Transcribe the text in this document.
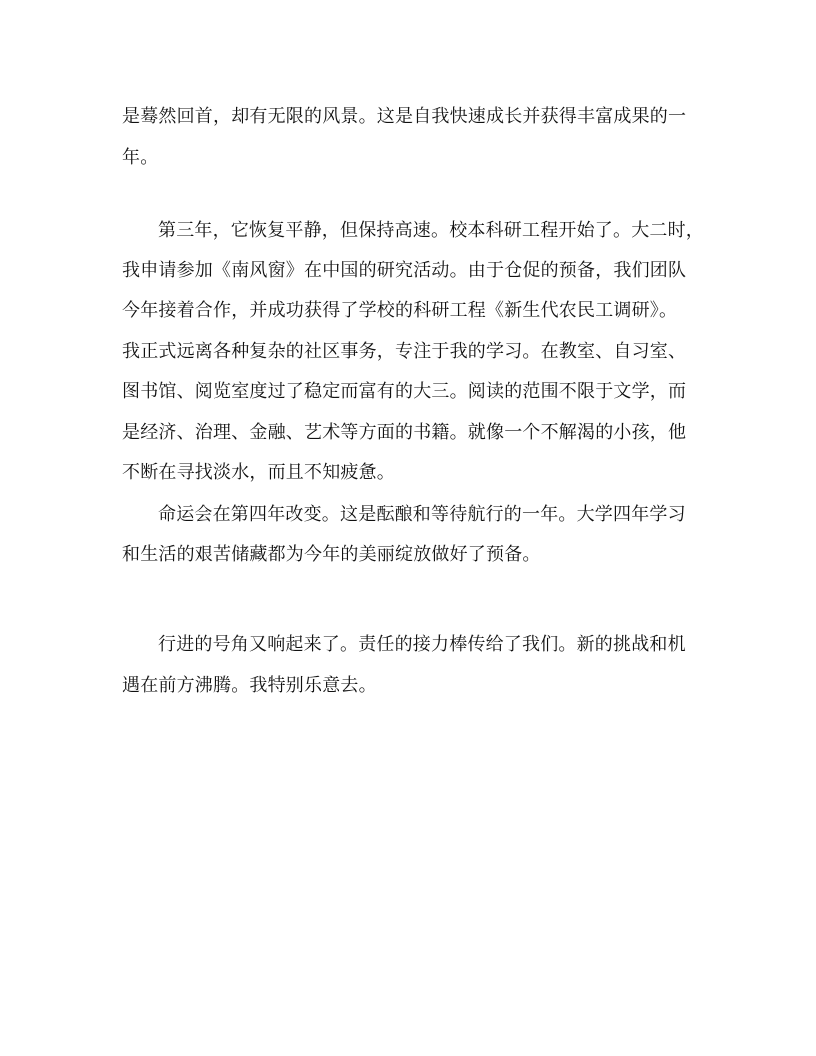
是蓦然回首，却有无限的风景。这是自我快速成长并获得丰富成果的一
年。
第三年，它恢复平静，但保持高速。校本科研工程开始了。大二时，
我申请参加《南风窗》在中国的研究活动。由于仓促的预备，我们团队
今年接着合作，并成功获得了学校的科研工程《新生代农民工调研》。
我正式远离各种复杂的社区事务，专注于我的学习。在教室、自习室、
图书馆、阅览室度过了稳定而富有的大三。阅读的范围不限于文学，而
是经济、治理、金融、艺术等方面的书籍。就像一个不解渴的小孩，他
不断在寻找淡水，而且不知疲惫。
命运会在第四年改变。这是酝酿和等待航行的一年。大学四年学习
和生活的艰苦储藏都为今年的美丽绽放做好了预备。
行进的号角又响起来了。责任的接力棒传给了我们。新的挑战和机
遇在前方沸腾。我特别乐意去。
